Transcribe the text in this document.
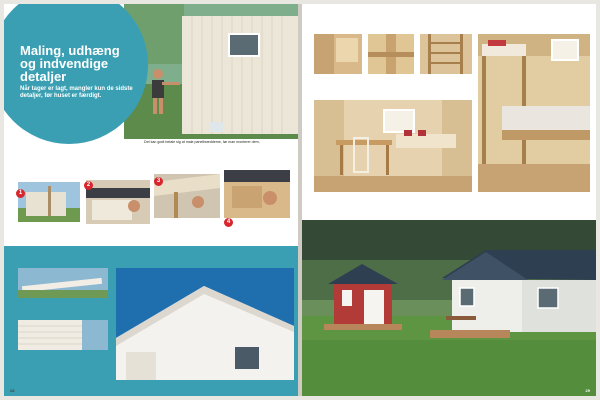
Maling, udhæng og indvendige detaljer
Når tager er lagt, mangler kun de sidste detaljer, før huset er færdigt.
Det kan godt betale sig at male panelbrædderne, før man monterer dem,
1
2
3
4
28	29
